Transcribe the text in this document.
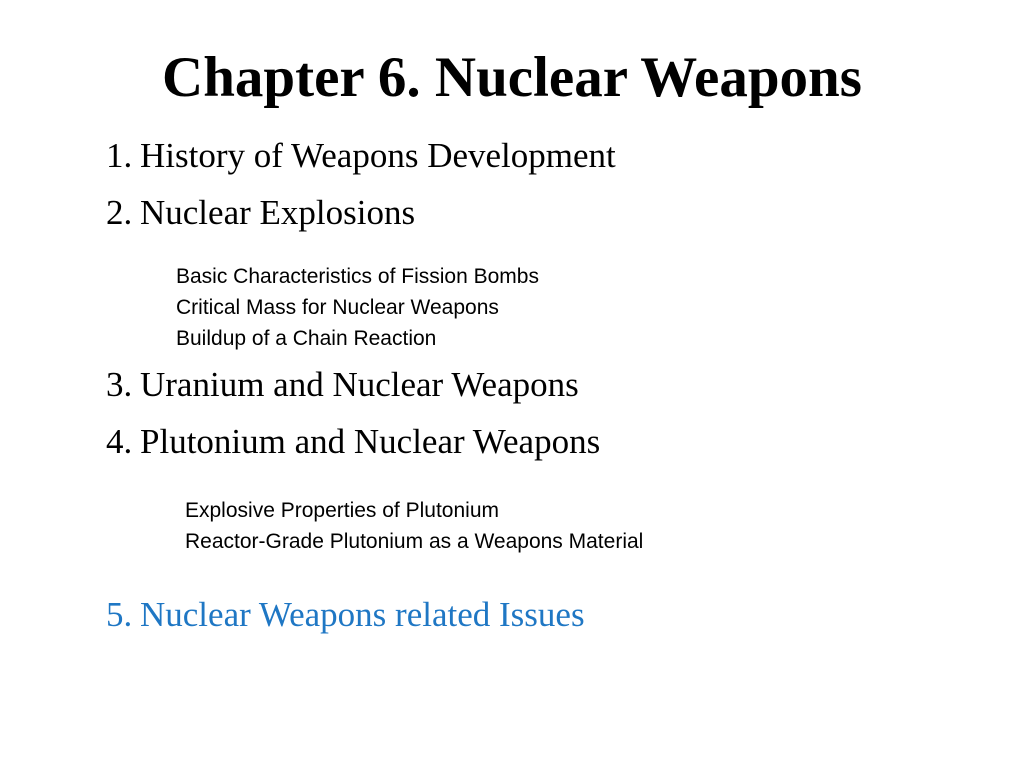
Chapter 6. Nuclear Weapons
1. History of Weapons Development
2. Nuclear Explosions
Basic Characteristics of Fission Bombs
Critical Mass for Nuclear Weapons
Buildup of a Chain Reaction
3. Uranium and Nuclear Weapons
4. Plutonium and Nuclear Weapons
Explosive Properties of Plutonium
Reactor-Grade Plutonium as a Weapons Material
5. Nuclear Weapons related Issues
